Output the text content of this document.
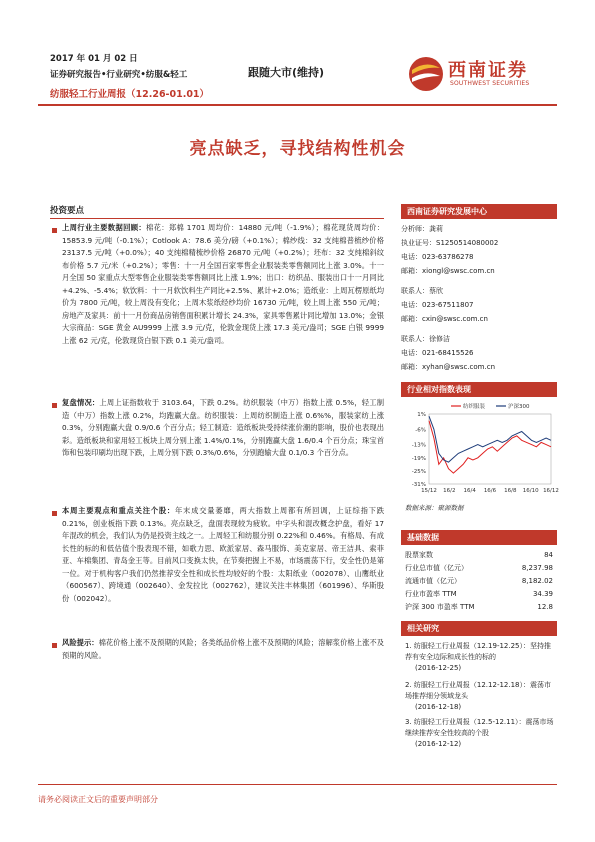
2017 年 01 月 02 日
证券研究报告•行业研究•纺服&轻工
纺服轻工行业周报（12.26-01.01）
跟随大市(维持)	西南证券
SOUTHWEST SECURITIES
亮点缺乏，寻找结构性机会
投资要点

上周行业主要数据回顾：棉花：郑棉 1701 周均价：14880 元/吨（-1.9%）；棉花现货周均价：15853.9 元/吨（-0.1%）；Cotlook A：78.6 美分/磅（+0.1%）；棉纱线：32 支纯棉普梳纱价格 23137.5 元/吨（+0.0%）；40 支纯棉精梳纱价格 26870 元/吨（+0.2%）；坯布：32 支纯棉斜纹布价格 5.7 元/米（+0.2%）；零售：十一月全国百家零售企业服装类零售额同比上涨 3.0%。十一月全国 50 家重点大型零售企业服装类零售额同比上涨 1.9%；出口：纺织品、服装出口十一月同比+4.2%、-5.4%；软饮料：十一月软饮料生产同比+2.5%、累计+2.0%；造纸业：上周瓦楞原纸均价为 7800 元/吨，较上周没有变化；上周木浆纸经纱均价 16730 元/吨，较上周上涨 550 元/吨；房地产及家具：前十一月份商品房销售面积累计增长 24.3%，家具零售累计同比增加 13.0%；金银大宗商品：SGE 黄金 AU9999 上涨 3.9 元/克，伦敦金现货上涨 17.3 美元/盎司；SGE 白银 9999 上涨 62 元/克，伦敦现货白银下跌 0.1 美元/盎司。

复盘情况：上周上证指数收于 3103.64，下跌 0.2%。纺织服装（中万）指数上涨 0.5%，轻工制造（中万）指数上涨 0.2%，均跑赢大盘。纺织服装：上周纺织制造上涨 0.6%%，服装家纺上涨 0.3%，分别跑赢大盘 0.9/0.6 个百分点；轻工制造：造纸板块受持续涨价潮的影响，股价也表现出彩。造纸板块和家用轻工板块上周分别上涨 1.4%/0.1%，分别跑赢大盘 1.6/0.4 个百分点；珠宝首饰和包装印刷均出现下跌，上周分别下跌 0.3%/0.6%，分别跑输大盘 0.1/0.3 个百分点。

本周主要观点和重点关注个股：年末成交量萎靡，两大指数上周都有所回调，上证综指下跌 0.21%，创业板指下跌 0.13%。亮点缺乏，盘面表现较为疲软。中字头和混改概念护盘，看好 17 年混改的机会，我们认为仍是投资主线之一。上周轻工和纺服分别 0.22%和 0.46%。有格局、有成长性的标的和低估值个股表现不错，如歌力思、欧派家居、森马服饰、美克家居、帝王洁具、索菲亚、车棉集团、青岛金王等。目前风口变换太快，在节奏把握上不易，市场震荡下行，安全性仍是第一位。对于机构客户我们仍然推荐安全性和成长性均较好的个股：太阳纸业（002078）、山鹰纸业（600567）、跨境通（002640）、金发拉比（002762），建议关注丰林集团（601996）、华斯股份（002042）。

风险提示：棉花价格上涨不及预期的风险；各类纸品价格上涨不及预期的风险；溶解浆价格上涨不及预期的风险。

西南证券研究发展中心
分析师：龚莉
执业证号：S1250514080002
电话：023-63786278
邮箱：xiongl@swsc.com.cn
联系人：蔡欣
电话：023-67511807
邮箱：cxin@swsc.com.cn
联系人：徐修洁
电话：021-68415526
邮箱：xyhan@swsc.com.cn
行业相对指数表现
1%
-6%
-13%
-19%
-25%
-31%
15/12 16/2 16/4 16/6 16/8 16/10 16/12
纺织服装	沪深300
数据来源：聚源数据
基础数据
股票家数	84
行业总市值（亿元）	8,237.98
流通市值（亿元）	8,182.02
行业市盈率 TTM	34.39
沪深 300 市盈率 TTM	12.8
相关研究
1. 纺服轻工行业周报（12.19-12.25）：坚持推荐有安全边际和成长性的标的
(2016-12-25)
2. 纺服轻工行业周报（12.12-12.18）：震荡市场推荐细分领域龙头
(2016-12-18)
3. 纺服轻工行业周报（12.5-12.11）：震荡市场继续推荐安全性较高的个股
(2016-12-12)
请务必阅读正文后的重要声明部分
